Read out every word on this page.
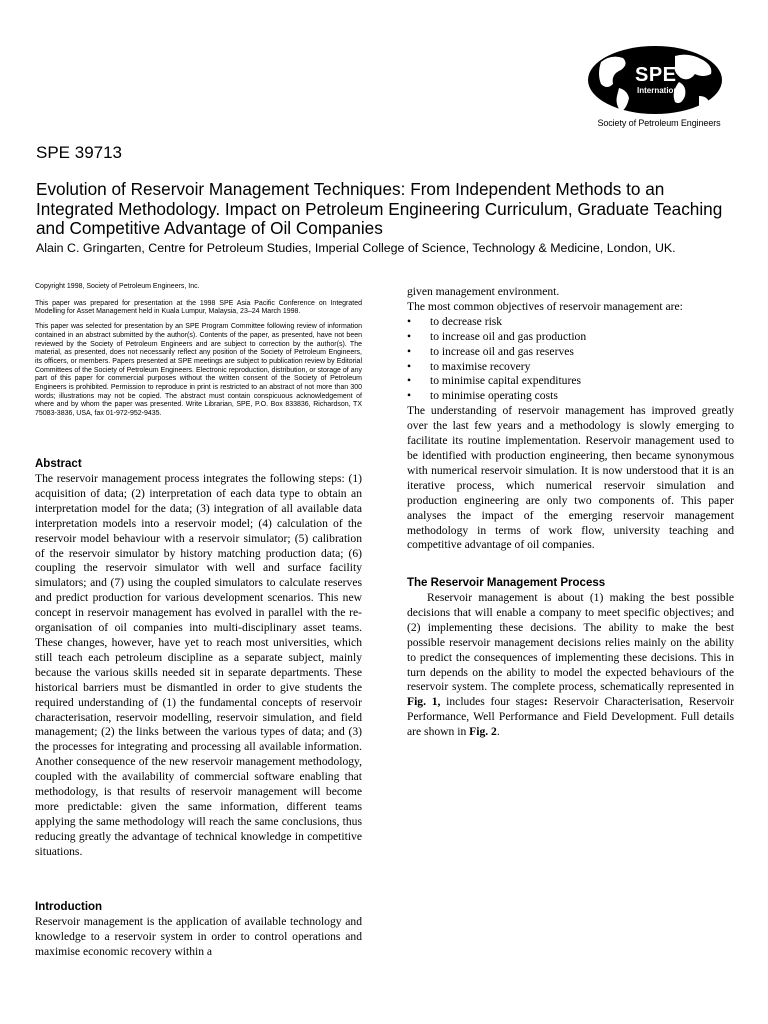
SPE
International
Society of Petroleum Engineers
SPE 39713
Evolution of Reservoir Management Techniques: From Independent Methods to an Integrated Methodology. Impact on Petroleum Engineering Curriculum, Graduate Teaching and Competitive Advantage of Oil Companies
Alain C. Gringarten, Centre for Petroleum Studies, Imperial College of Science, Technology & Medicine, London, UK.

Copyright 1998, Society of Petroleum Engineers, Inc.

This paper was prepared for presentation at the 1998 SPE Asia Pacific Conference on Integrated Modelling for Asset Management held in Kuala Lumpur, Malaysia, 23–24 March 1998.

This paper was selected for presentation by an SPE Program Committee following review of information contained in an abstract submitted by the author(s). Contents of the paper, as presented, have not been reviewed by the Society of Petroleum Engineers and are subject to correction by the author(s). The material, as presented, does not necessarily reflect any position of the Society of Petroleum Engineers, its officers, or members. Papers presented at SPE meetings are subject to publication review by Editorial Committees of the Society of Petroleum Engineers. Electronic reproduction, distribution, or storage of any part of this paper for commercial purposes without the written consent of the Society of Petroleum Engineers is prohibited. Permission to reproduce in print is restricted to an abstract of not more than 300 words; illustrations may not be copied. The abstract must contain conspicuous acknowledgement of where and by whom the paper was presented. Write Librarian, SPE, P.O. Box 833836, Richardson, TX 75083-3836, USA, fax 01-972-952-9435.

Abstract

The reservoir management process integrates the following steps: (1) acquisition of data; (2) interpretation of each data type to obtain an interpretation model for the data; (3) integration of all available data interpretation models into a reservoir model; (4) calculation of the reservoir model behaviour with a reservoir simulator; (5) calibration of the reservoir simulator by history matching production data; (6) coupling the reservoir simulator with well and surface facility simulators; and (7) using the coupled simulators to calculate reserves and predict production for various development scenarios. This new concept in reservoir management has evolved in parallel with the re-organisation of oil companies into multi-disciplinary asset teams. These changes, however, have yet to reach most universities, which still teach each petroleum discipline as a separate subject, mainly because the various skills needed sit in separate departments. These historical barriers must be dismantled in order to give students the required understanding of (1) the fundamental concepts of reservoir characterisation, reservoir modelling, reservoir simulation, and field management; (2) the links between the various types of data; and (3) the processes for integrating and processing all available information. Another consequence of the new reservoir management methodology, coupled with the availability of commercial software enabling that methodology, is that results of reservoir management will become more predictable: given the same information, different teams applying the same methodology will reach the same conclusions, thus reducing greatly the advantage of technical knowledge in competitive situations.

Introduction

Reservoir management is the application of available technology and knowledge to a reservoir system in order to control operations and maximise economic recovery within a

given management environment.

The most common objectives of reservoir management are:

• to decrease risk
• to increase oil and gas production
• to increase oil and gas reserves
• to maximise recovery
• to minimise capital expenditures
• to minimise operating costs

The understanding of reservoir management has improved greatly over the last few years and a methodology is slowly emerging to facilitate its routine implementation. Reservoir management used to be identified with production engineering, then became synonymous with numerical reservoir simulation. It is now understood that it is an iterative process, which numerical reservoir simulation and production engineering are only two components of. This paper analyses the impact of the emerging reservoir management methodology in terms of work flow, university teaching and competitive advantage of oil companies.

The Reservoir Management Process

Reservoir management is about (1) making the best possible decisions that will enable a company to meet specific objectives; and (2) implementing these decisions. The ability to make the best possible reservoir management decisions relies mainly on the ability to predict the consequences of implementing these decisions. This in turn depends on the ability to model the expected behaviours of the reservoir system. The complete process, schematically represented in Fig. 1, includes four stages: Reservoir Characterisation, Reservoir Performance, Well Performance and Field Development. Full details are shown in Fig. 2.
